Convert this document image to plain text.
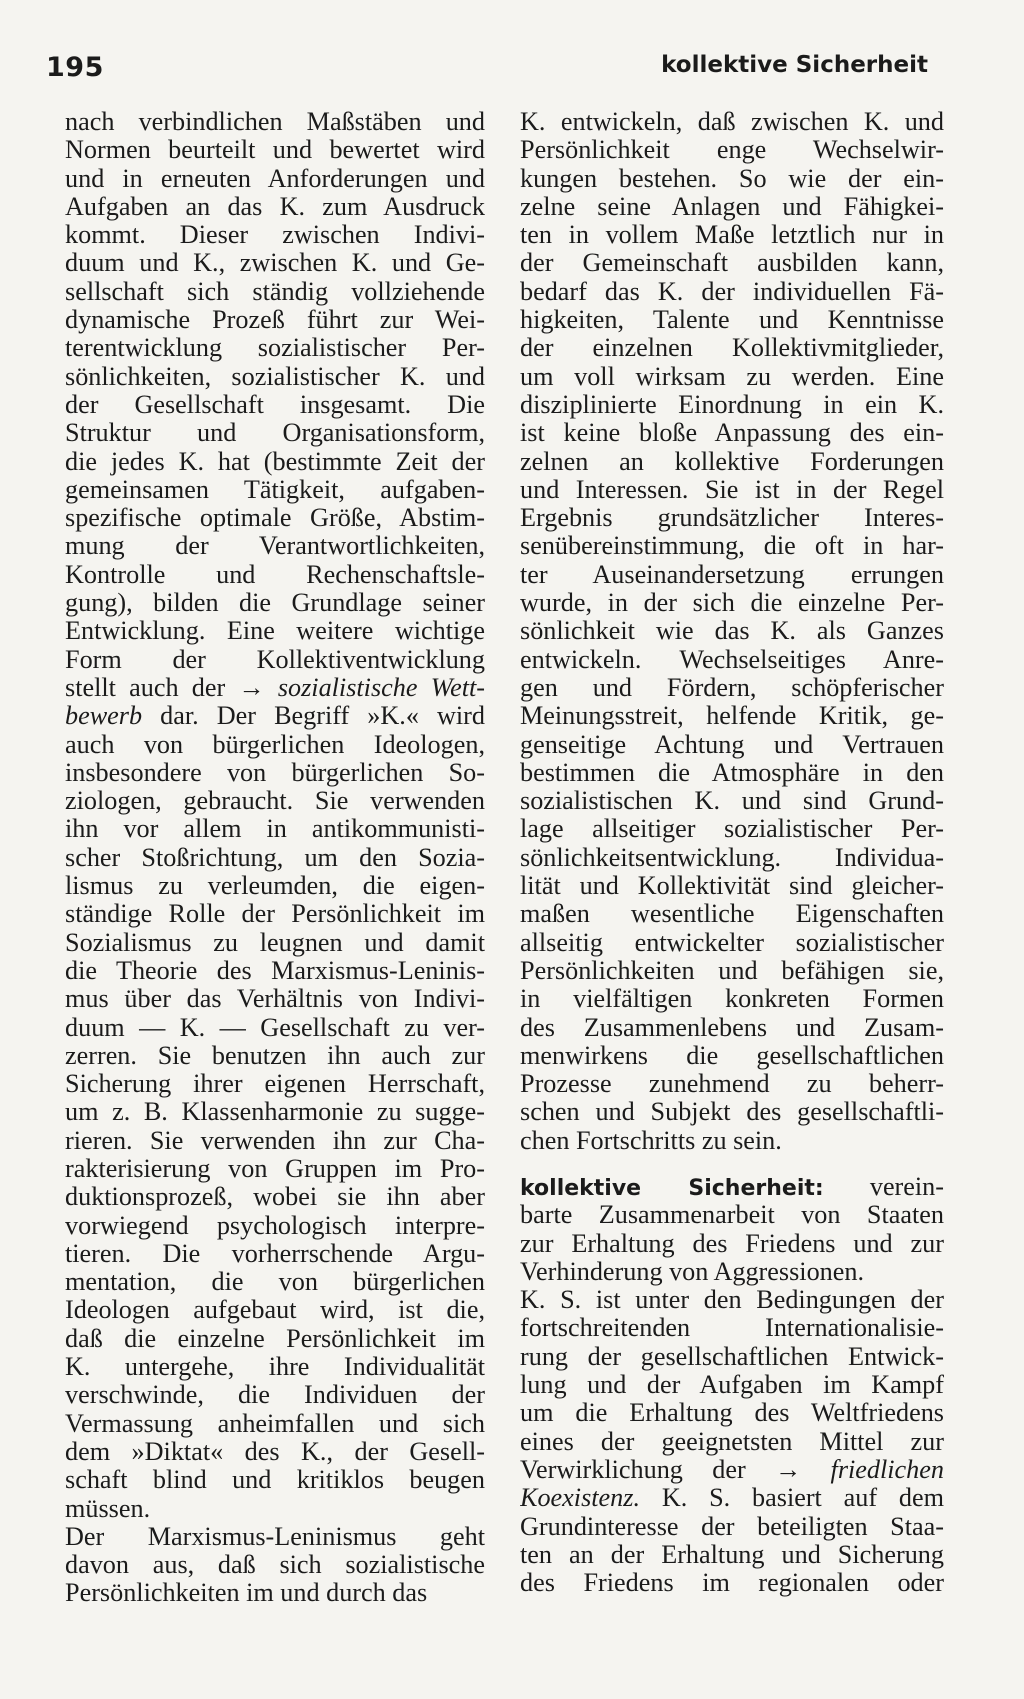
195	kollektive Sicherheit
nach verbindlichen Maßstäben und
Normen beurteilt und bewertet wird
und in erneuten Anforderungen und
Aufgaben an das K. zum Ausdruck
kommt. Dieser zwischen Indivi-
duum und K., zwischen K. und Ge-
sellschaft sich ständig vollziehende
dynamische Prozeß führt zur Wei-
terentwicklung sozialistischer Per-
sönlichkeiten, sozialistischer K. und
der Gesellschaft insgesamt. Die
Struktur und Organisationsform,
die jedes K. hat (bestimmte Zeit der
gemeinsamen Tätigkeit, aufgaben-
spezifische optimale Größe, Abstim-
mung der Verantwortlichkeiten,
Kontrolle und Rechenschaftsle-
gung), bilden die Grundlage seiner
Entwicklung. Eine weitere wichtige
Form der Kollektiventwicklung
stellt auch der → sozialistische Wett-
bewerb dar. Der Begriff »K.« wird
auch von bürgerlichen Ideologen,
insbesondere von bürgerlichen So-
ziologen, gebraucht. Sie verwenden
ihn vor allem in antikommunisti-
scher Stoßrichtung, um den Sozia-
lismus zu verleumden, die eigen-
ständige Rolle der Persönlichkeit im
Sozialismus zu leugnen und damit
die Theorie des Marxismus-Leninis-
mus über das Verhältnis von Indivi-
duum — K. — Gesellschaft zu ver-
zerren. Sie benutzen ihn auch zur
Sicherung ihrer eigenen Herrschaft,
um z. B. Klassenharmonie zu sugge-
rieren. Sie verwenden ihn zur Cha-
rakterisierung von Gruppen im Pro-
duktionsprozeß, wobei sie ihn aber
vorwiegend psychologisch interpre-
tieren. Die vorherrschende Argu-
mentation, die von bürgerlichen
Ideologen aufgebaut wird, ist die,
daß die einzelne Persönlichkeit im
K. untergehe, ihre Individualität
verschwinde, die Individuen der
Vermassung anheimfallen und sich
dem »Diktat« des K., der Gesell-
schaft blind und kritiklos beugen
müssen.
Der Marxismus-Leninismus geht
davon aus, daß sich sozialistische
Persönlichkeiten im und durch das
K. entwickeln, daß zwischen K. und
Persönlichkeit enge Wechselwir-
kungen bestehen. So wie der ein-
zelne seine Anlagen und Fähigkei-
ten in vollem Maße letztlich nur in
der Gemeinschaft ausbilden kann,
bedarf das K. der individuellen Fä-
higkeiten, Talente und Kenntnisse
der einzelnen Kollektivmitglieder,
um voll wirksam zu werden. Eine
disziplinierte Einordnung in ein K.
ist keine bloße Anpassung des ein-
zelnen an kollektive Forderungen
und Interessen. Sie ist in der Regel
Ergebnis grundsätzlicher Interes-
senübereinstimmung, die oft in har-
ter Auseinandersetzung errungen
wurde, in der sich die einzelne Per-
sönlichkeit wie das K. als Ganzes
entwickeln. Wechselseitiges Anre-
gen und Fördern, schöpferischer
Meinungsstreit, helfende Kritik, ge-
genseitige Achtung und Vertrauen
bestimmen die Atmosphäre in den
sozialistischen K. und sind Grund-
lage allseitiger sozialistischer Per-
sönlichkeitsentwicklung. Individua-
lität und Kollektivität sind gleicher-
maßen wesentliche Eigenschaften
allseitig entwickelter sozialistischer
Persönlichkeiten und befähigen sie,
in vielfältigen konkreten Formen
des Zusammenlebens und Zusam-
menwirkens die gesellschaftlichen
Prozesse zunehmend zu beherr-
schen und Subjekt des gesellschaftli-
chen Fortschritts zu sein.
kollektive Sicherheit: verein-
barte Zusammenarbeit von Staaten
zur Erhaltung des Friedens und zur
Verhinderung von Aggressionen.
K. S. ist unter den Bedingungen der
fortschreitenden Internationalisie-
rung der gesellschaftlichen Entwick-
lung und der Aufgaben im Kampf
um die Erhaltung des Weltfriedens
eines der geeignetsten Mittel zur
Verwirklichung der → friedlichen
Koexistenz. K. S. basiert auf dem
Grundinteresse der beteiligten Staa-
ten an der Erhaltung und Sicherung
des Friedens im regionalen oder
